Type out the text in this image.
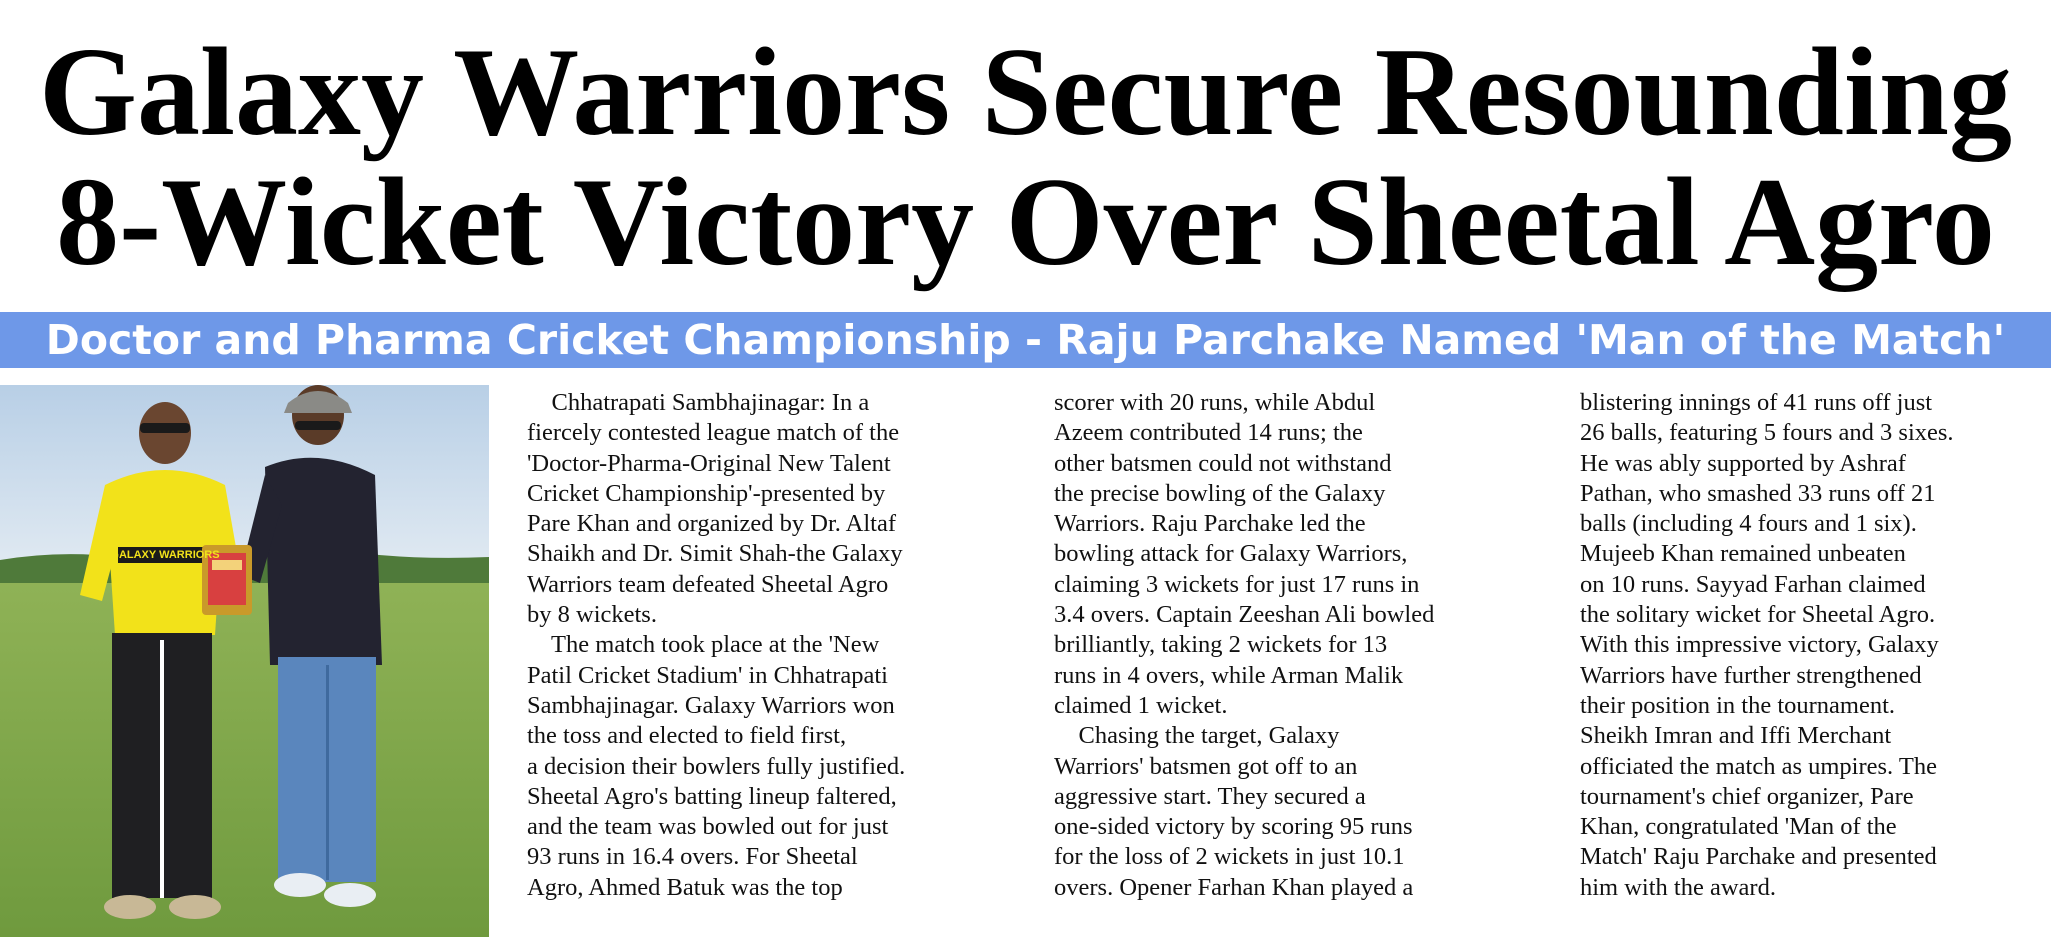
Galaxy Warriors Secure Resounding
8-Wicket Victory Over Sheetal Agro
Doctor and Pharma Cricket Championship - Raju Parchake Named 'Man of the Match'
GALAXY WARRIORS
Chhatrapati Sambhajinagar: In a
fiercely contested league match of the
'Doctor-Pharma-Original New Talent
Cricket Championship'-presented by
Pare Khan and organized by Dr. Altaf
Shaikh and Dr. Simit Shah-the Galaxy
Warriors team defeated Sheetal Agro
by 8 wickets.
The match took place at the 'New
Patil Cricket Stadium' in Chhatrapati
Sambhajinagar. Galaxy Warriors won
the toss and elected to field first,
a decision their bowlers fully justified.
Sheetal Agro's batting lineup faltered,
and the team was bowled out for just
93 runs in 16.4 overs. For Sheetal
Agro, Ahmed Batuk was the top
scorer with 20 runs, while Abdul
Azeem contributed 14 runs; the
other batsmen could not withstand
the precise bowling of the Galaxy
Warriors. Raju Parchake led the
bowling attack for Galaxy Warriors,
claiming 3 wickets for just 17 runs in
3.4 overs. Captain Zeeshan Ali bowled
brilliantly, taking 2 wickets for 13
runs in 4 overs, while Arman Malik
claimed 1 wicket.
Chasing the target, Galaxy
Warriors' batsmen got off to an
aggressive start. They secured a
one-sided victory by scoring 95 runs
for the loss of 2 wickets in just 10.1
overs. Opener Farhan Khan played a
blistering innings of 41 runs off just
26 balls, featuring 5 fours and 3 sixes.
He was ably supported by Ashraf
Pathan, who smashed 33 runs off 21
balls (including 4 fours and 1 six).
Mujeeb Khan remained unbeaten
on 10 runs. Sayyad Farhan claimed
the solitary wicket for Sheetal Agro.
With this impressive victory, Galaxy
Warriors have further strengthened
their position in the tournament.
Sheikh Imran and Iffi Merchant
officiated the match as umpires. The
tournament's chief organizer, Pare
Khan, congratulated 'Man of the
Match' Raju Parchake and presented
him with the award.
